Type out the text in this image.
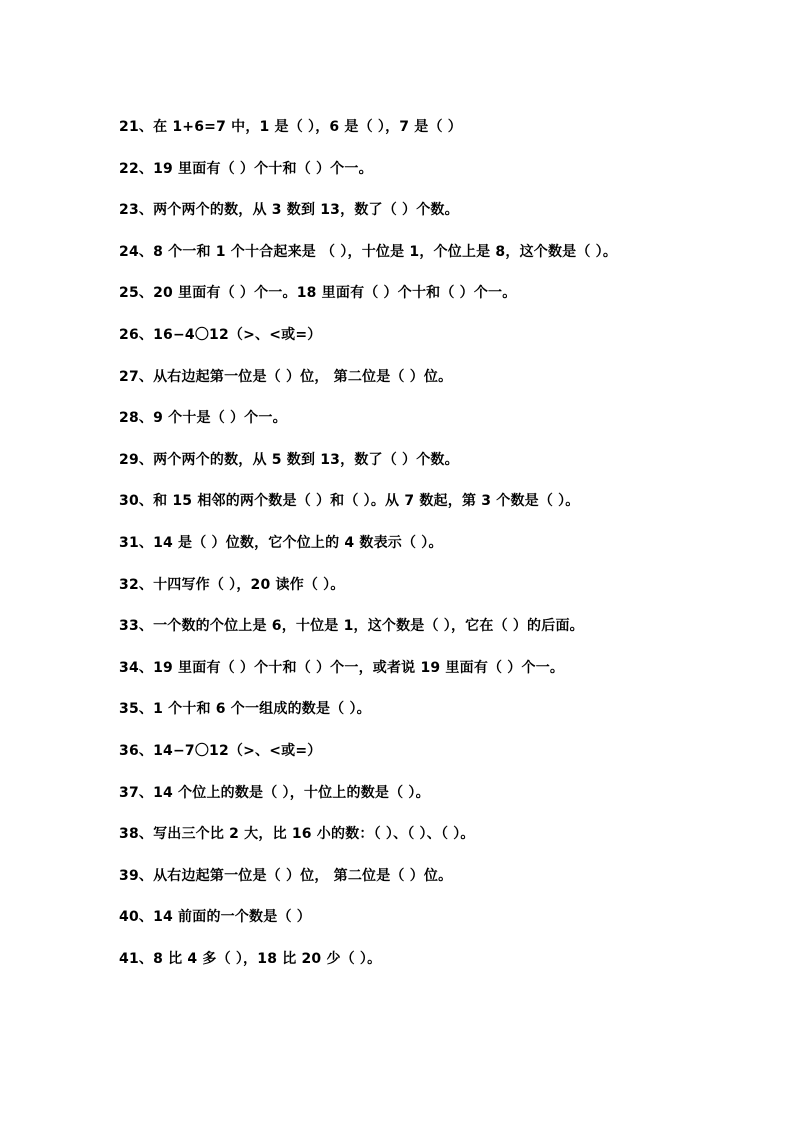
21、在 1+6=7 中，1 是（ ），6 是（ ），7 是（ ）
22、19 里面有（ ）个十和（ ）个一。
23、两个两个的数，从 3 数到 13，数了（ ）个数。
24、8 个一和 1 个十合起来是 （ ），十位是 1，个位上是 8，这个数是（ ）。
25、20 里面有（ ）个一。18 里面有（ ）个十和（ ）个一。
26、16−4〇12（>、<或=）
27、从右边起第一位是（ ）位， 第二位是（ ）位。
28、9 个十是（ ）个一。
29、两个两个的数，从 5 数到 13，数了（ ）个数。
30、和 15 相邻的两个数是（ ）和（ ）。从 7 数起，第 3 个数是（ ）。
31、14 是（ ）位数，它个位上的 4 数表示（ ）。
32、十四写作（ ），20 读作（ ）。
33、一个数的个位上是 6，十位是 1，这个数是（ ），它在（ ）的后面。
34、19 里面有（ ）个十和（ ）个一，或者说 19 里面有（ ）个一。
35、1 个十和 6 个一组成的数是（ ）。
36、14−7〇12（>、<或=）
37、14 个位上的数是（ ），十位上的数是（ ）。
38、写出三个比 2 大，比 16 小的数：（ ）、（ ）、（ ）。
39、从右边起第一位是（ ）位， 第二位是（ ）位。
40、14 前面的一个数是（ ）
41、8 比 4 多（ ），18 比 20 少（ ）。
